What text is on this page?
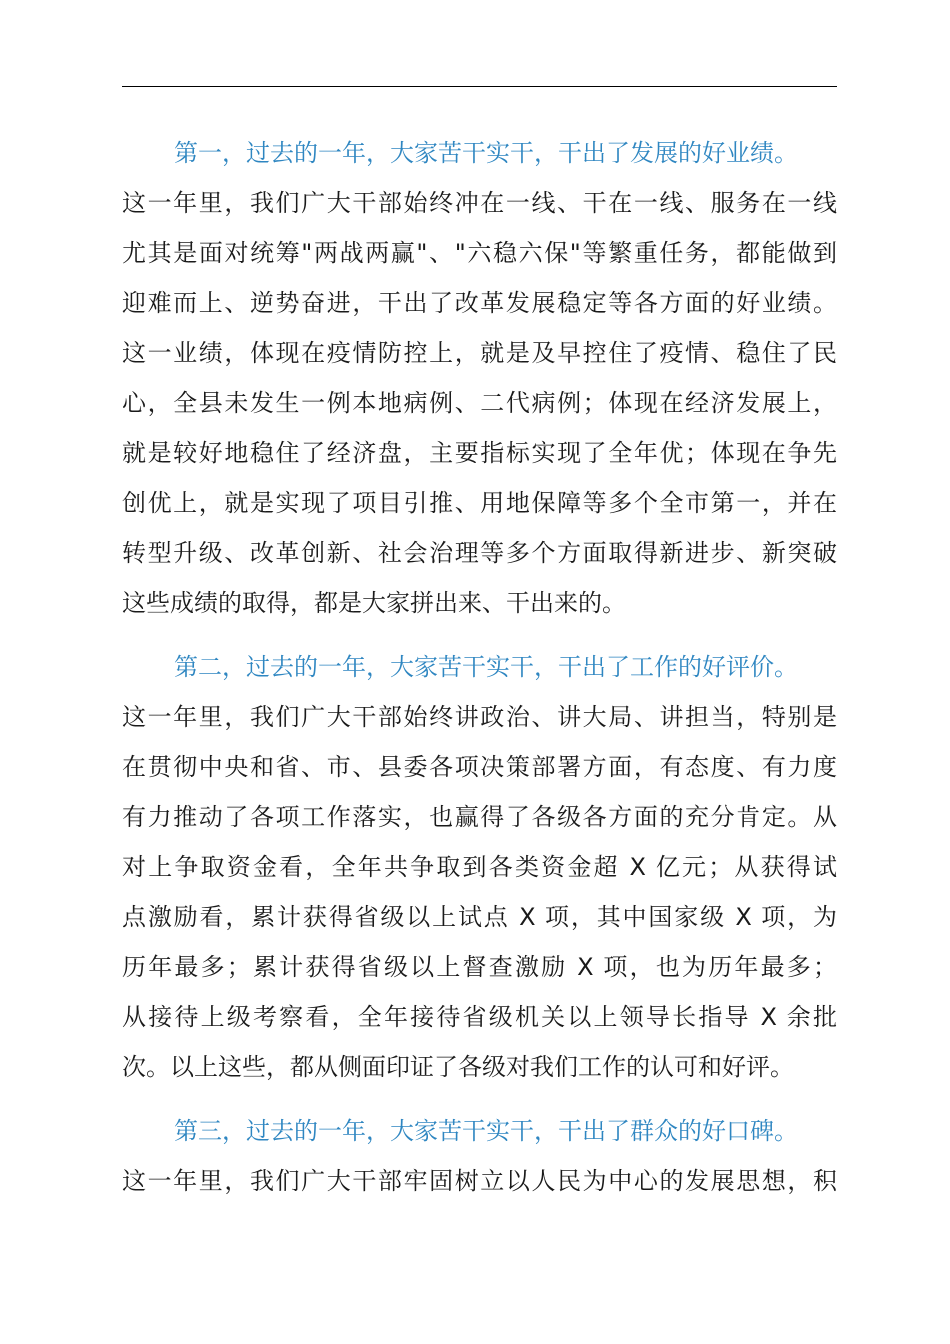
第一，过去的一年，大家苦干实干，干出了发展的好业绩。
这一年里，我们广大干部始终冲在一线、干在一线、服务在一线
尤其是面对统筹"两战两赢"、"六稳六保"等繁重任务，都能做到
迎难而上、逆势奋进，干出了改革发展稳定等各方面的好业绩。
这一业绩，体现在疫情防控上，就是及早控住了疫情、稳住了民
心，全县未发生一例本地病例、二代病例；体现在经济发展上，
就是较好地稳住了经济盘，主要指标实现了全年优；体现在争先
创优上，就是实现了项目引推、用地保障等多个全市第一，并在
转型升级、改革创新、社会治理等多个方面取得新进步、新突破
这些成绩的取得，都是大家拼出来、干出来的。
第二，过去的一年，大家苦干实干，干出了工作的好评价。
这一年里，我们广大干部始终讲政治、讲大局、讲担当，特别是
在贯彻中央和省、市、县委各项决策部署方面，有态度、有力度
有力推动了各项工作落实，也赢得了各级各方面的充分肯定。从
对上争取资金看，全年共争取到各类资金超 X 亿元；从获得试
点激励看，累计获得省级以上试点 X 项，其中国家级 X 项，为
历年最多；累计获得省级以上督查激励 X 项，也为历年最多；
从接待上级考察看，全年接待省级机关以上领导长指导 X 余批
次。以上这些，都从侧面印证了各级对我们工作的认可和好评。
第三，过去的一年，大家苦干实干，干出了群众的好口碑。
这一年里，我们广大干部牢固树立以人民为中心的发展思想，积
